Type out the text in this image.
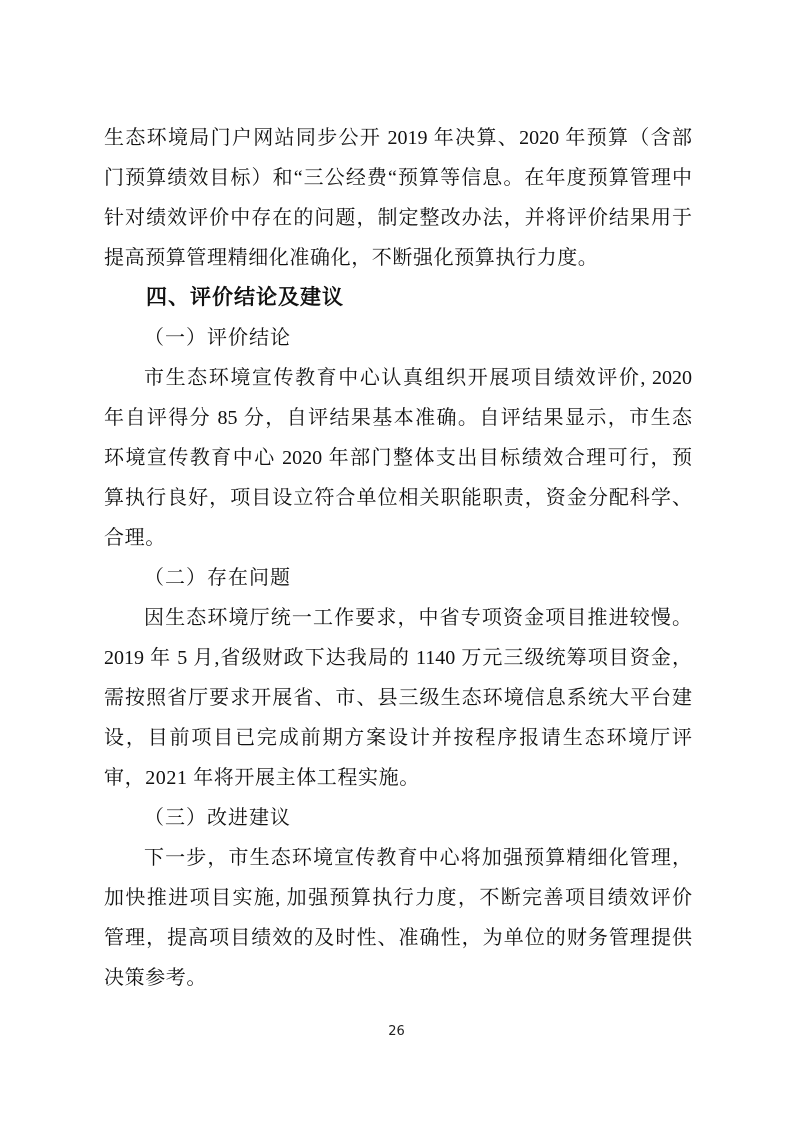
生态环境局门户网站同步公开 2019 年决算、2020 年预算（含部
门预算绩效目标）和“三公经费“预算等信息。在年度预算管理中
针对绩效评价中存在的问题，制定整改办法，并将评价结果用于
提高预算管理精细化准确化，不断强化预算执行力度。
四、评价结论及建议
（一）评价结论
市生态环境宣传教育中心认真组织开展项目绩效评价, 2020
年自评得分 85 分，自评结果基本准确。自评结果显示，市生态
环境宣传教育中心 2020 年部门整体支出目标绩效合理可行，预
算执行良好，项目设立符合单位相关职能职责，资金分配科学、
合理。
（二）存在问题
因生态环境厅统一工作要求，中省专项资金项目推进较慢。
2019 年 5 月,省级财政下达我局的 1140 万元三级统筹项目资金，
需按照省厅要求开展省、市、县三级生态环境信息系统大平台建
设，目前项目已完成前期方案设计并按程序报请生态环境厅评
审，2021 年将开展主体工程实施。
（三）改进建议
下一步，市生态环境宣传教育中心将加强预算精细化管理，
加快推进项目实施, 加强预算执行力度，不断完善项目绩效评价
管理，提高项目绩效的及时性、准确性，为单位的财务管理提供
决策参考。
26
